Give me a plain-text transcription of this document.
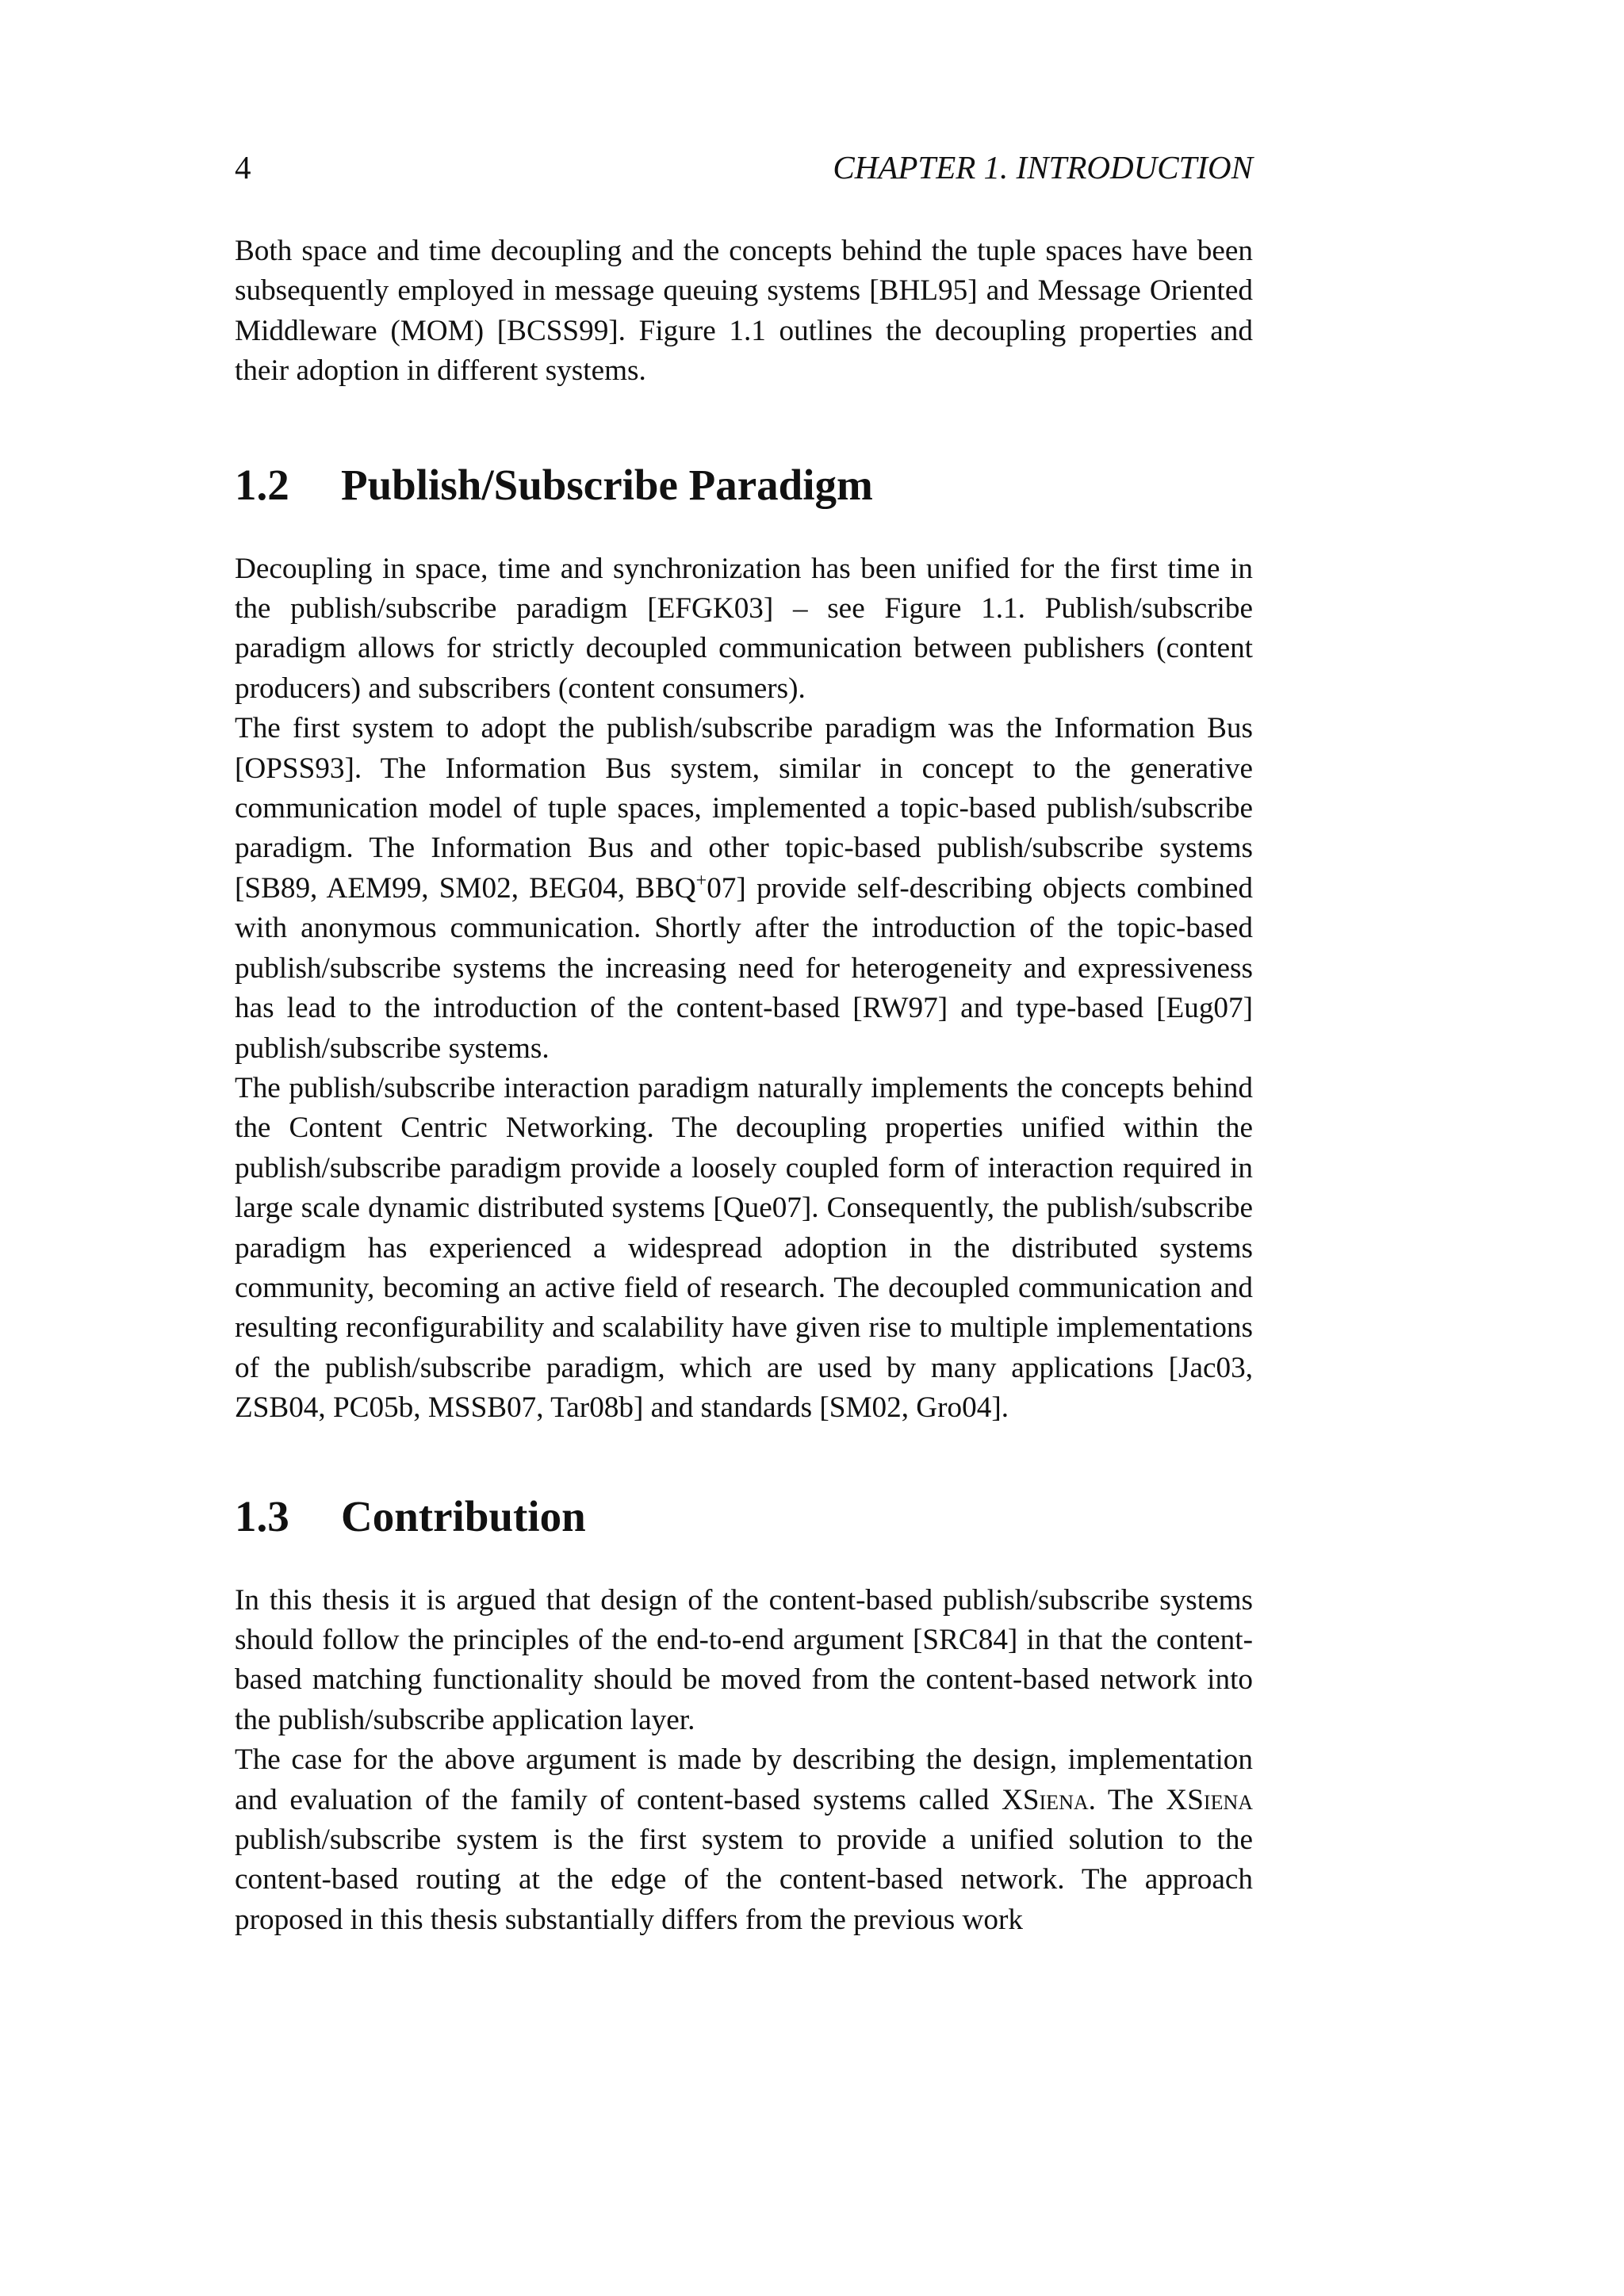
4	CHAPTER 1. INTRODUCTION

Both space and time decoupling and the concepts behind the tuple spaces have been subsequently employed in message queuing systems [BHL95] and Message Oriented Middleware (MOM) [BCSS99]. Figure 1.1 outlines the decoupling properties and their adoption in different systems.

1.2 Publish/Subscribe Paradigm

Decoupling in space, time and synchronization has been unified for the first time in the publish/subscribe paradigm [EFGK03] – see Figure 1.1. Publish/subscribe paradigm allows for strictly decoupled communication between publishers (content producers) and subscribers (content consumers).

The first system to adopt the publish/subscribe paradigm was the Information Bus [OPSS93]. The Information Bus system, similar in concept to the generative communication model of tuple spaces, implemented a topic-based publish/subscribe paradigm. The Information Bus and other topic-based publish/subscribe systems [SB89, AEM99, SM02, BEG04, BBQ+07] provide self-describing objects combined with anonymous communication. Shortly after the introduction of the topic-based publish/subscribe systems the increasing need for heterogeneity and expressiveness has lead to the introduction of the content-based [RW97] and type-based [Eug07] publish/subscribe systems.

The publish/subscribe interaction paradigm naturally implements the concepts behind the Content Centric Networking. The decoupling properties unified within the publish/subscribe paradigm provide a loosely coupled form of interaction required in large scale dynamic distributed systems [Que07]. Consequently, the publish/subscribe paradigm has experienced a widespread adoption in the distributed systems community, becoming an active field of research. The decoupled communication and resulting reconfigurability and scalability have given rise to multiple implementations of the publish/subscribe paradigm, which are used by many applications [Jac03, ZSB04, PC05b, MSSB07, Tar08b] and standards [SM02, Gro04].

1.3 Contribution

In this thesis it is argued that design of the content-based publish/subscribe systems should follow the principles of the end-to-end argument [SRC84] in that the content-based matching functionality should be moved from the content-based network into the publish/subscribe application layer.

The case for the above argument is made by describing the design, implementation and evaluation of the family of content-based systems called XSiena. The XSiena publish/subscribe system is the first system to provide a unified solution to the content-based routing at the edge of the content-based network. The approach proposed in this thesis substantially differs from the previous work
